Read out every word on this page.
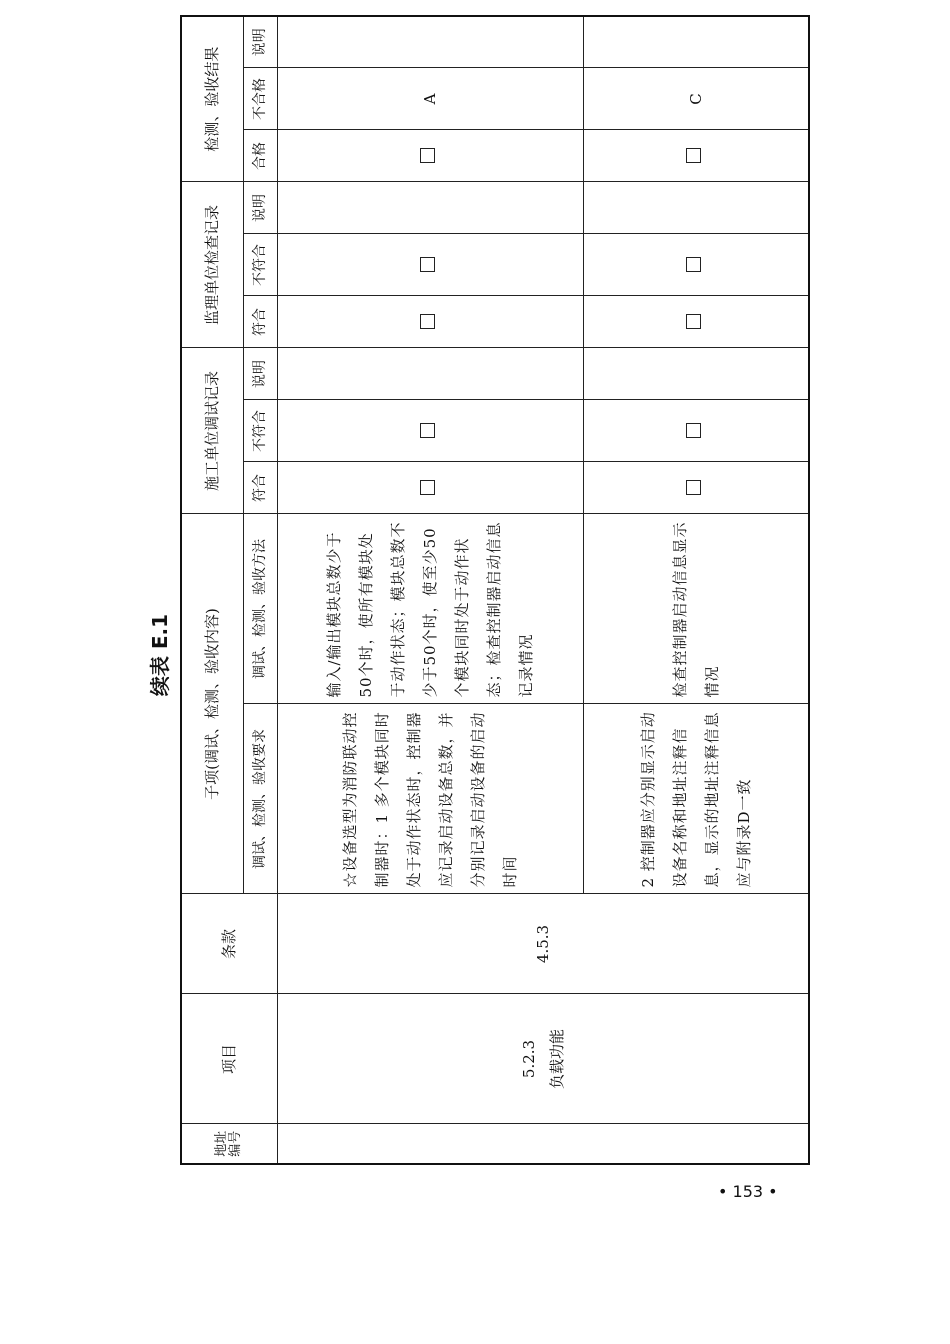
续表 E.1
地址编号	项目	条款	子项(调试、检测、验收内容)		施工单位调试记录			监理单位检查记录			检测、验收结果		
			调试、检测、验收要求	调试、检测、验收方法	符合	不符合	说明	符合	不符合	说明	合格	不合格	说明

	5.2.3 负载功能	4.5.3	☆设备选型为消防联动控制器时：1 多个模块同时处于动作状态时，控制器应记录启动设备总数，并分别记录启动设备的启动时间	输入/输出模块总数少于50个时，使所有模块处于动作状态；模块总数不少于50个时，使至少50个模块同时处于动作状态；检查控制器启动信息记录情况								A	
			2 控制器应分别显示启动设备名称和地址注释信息，显示的地址注释信息应与附录D一致	检查控制器启动信息显示情况								C	
• 153 •
